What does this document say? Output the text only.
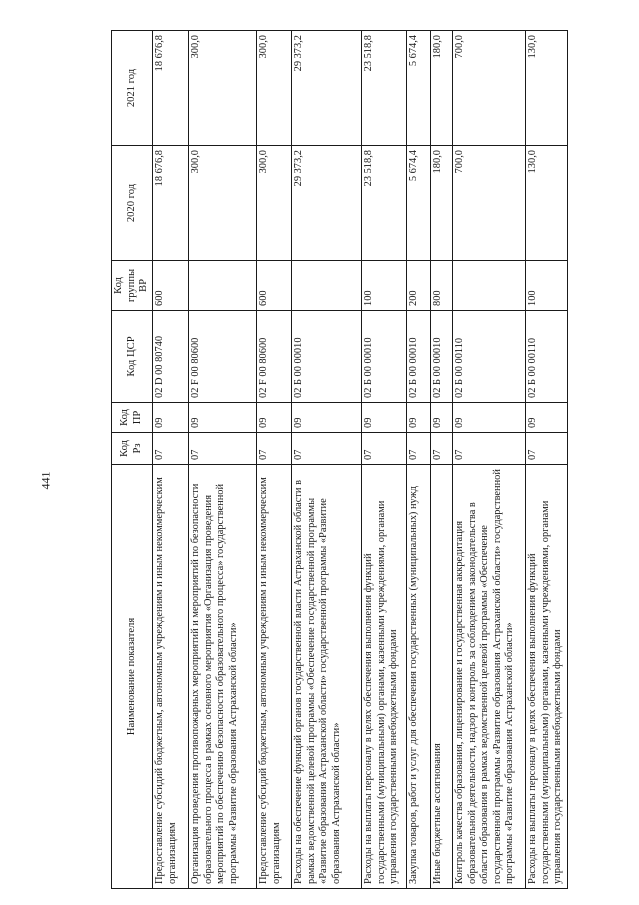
441
Наименование показателя	Код Рз	Код ПР	Код ЦСР	Код группы ВР	2020 год	2021 год
Предоставление субсидий бюджетным, автономным учреждениям и иным некоммерческим организациям	07	09	02 D 00 80740	600	18 676,8	18 676,8
Организация проведения противопожарных мероприятий и мероприятий по безопасности образовательного процесса в рамках основного мероприятия «Организация проведения мероприятий по обеспечению безопасности образовательного процесса» государственной программы «Развитие образования Астраханской области»	07	09	02 F 00 80600		300,0	300,0
Предоставление субсидий бюджетным, автономным учреждениям и иным некоммерческим организациям	07	09	02 F 00 80600	600	300,0	300,0
Расходы на обеспечение функций органов государственной власти Астраханской области в рамках ведомственной целевой программы «Обеспечение государственной программы «Развитие образования Астраханской области» государственной программы «Развитие образования Астраханской области»	07	09	02 Б 00 00010		29 373,2	29 373,2
Расходы на выплаты персоналу в целях обеспечения выполнения функций государственными (муниципальными) органами, казенными учреждениями, органами управления государственными внебюджетными фондами	07	09	02 Б 00 00010	100	23 518,8	23 518,8
Закупка товаров, работ и услуг для обеспечения государственных (муниципальных) нужд	07	09	02 Б 00 00010	200	5 674,4	5 674,4
Иные бюджетные ассигнования	07	09	02 Б 00 00010	800	180,0	180,0
Контроль качества образования, лицензирование и государственная аккредитация образовательной деятельности, надзор и контроль за соблюдением законодательства в области образования в рамках ведомственной целевой программы «Обеспечение государственной программы «Развитие образования Астраханской области» государственной программы «Развитие образования Астраханской области»	07	09	02 Б 00 00110		700,0	700,0
Расходы на выплаты персоналу в целях обеспечения выполнения функций государственными (муниципальными) органами, казенными учреждениями, органами управления государственными внебюджетными фондами	07	09	02 Б 00 00110	100	130,0	130,0
